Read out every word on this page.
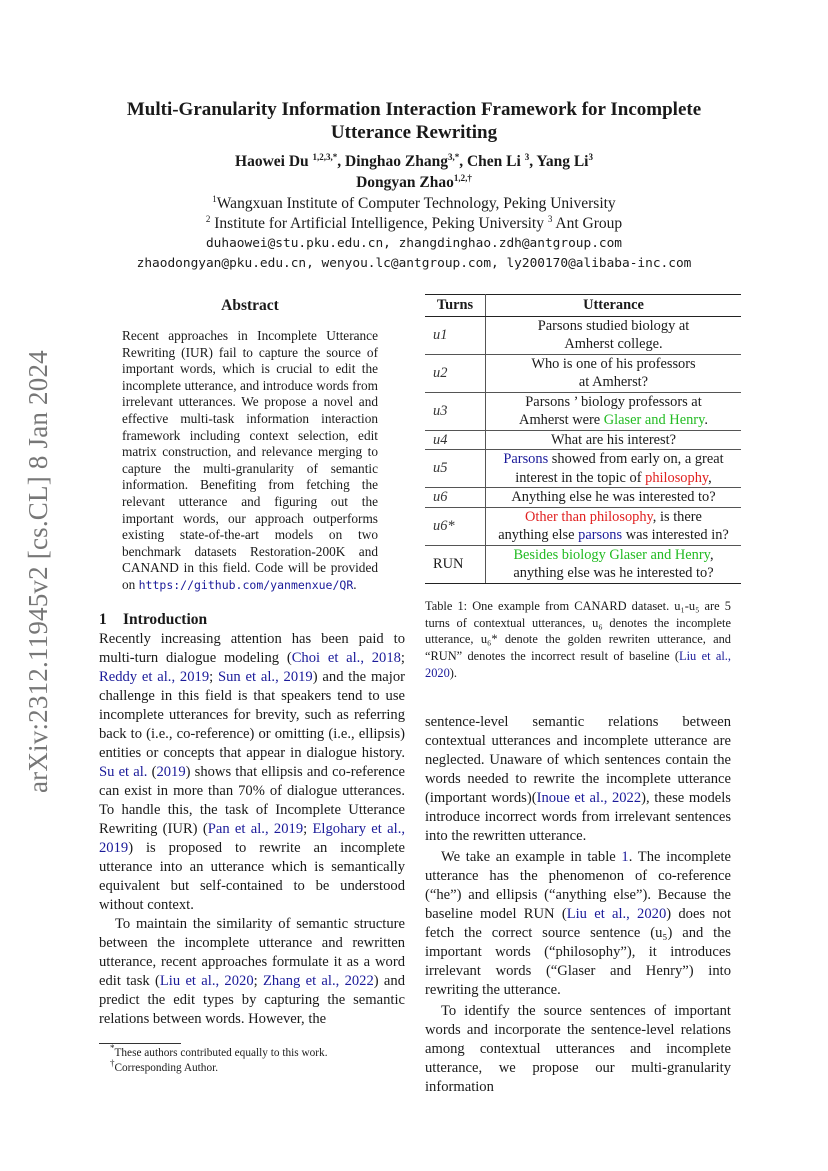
arXiv:2312.11945v2 [cs.CL] 8 Jan 2024
Multi-Granularity Information Interaction Framework for Incomplete
Utterance Rewriting
Haowei Du $^{1,2,3,*}$, Dinghao Zhang$^{3,*}$, Chen Li $^3$, Yang Li$^3$
Dongyan Zhao$^{1,2,\dagger}$
$^1$Wangxuan Institute of Computer Technology, Peking University
$^2$ Institute for Artificial Intelligence, Peking University $^3$ Ant Group
duhaowei@stu.pku.edu.cn, zhangdinghao.zdh@antgroup.com
zhaodongyan@pku.edu.cn, wenyou.lc@antgroup.com, ly200170@alibaba-inc.com
Abstract
Recent approaches in Incomplete Utterance Rewriting (IUR) fail to capture the source of important words, which is crucial to edit the incomplete utterance, and introduce words from irrelevant utterances. We propose a novel and effective multi-task information interaction framework including context selection, edit matrix construction, and relevance merging to capture the multi-granularity of semantic information. Benefiting from fetching the relevant utterance and figuring out the important words, our approach outperforms existing state-of-the-art models on two benchmark datasets Restoration-200K and CANAND in this field. Code will be provided on https://github.com/yanmenxue/QR.
1 Introduction

Recently increasing attention has been paid to multi-turn dialogue modeling (Choi et al., 2018; Reddy et al., 2019; Sun et al., 2019) and the major challenge in this field is that speakers tend to use incomplete utterances for brevity, such as referring back to (i.e., co-reference) or omitting (i.e., ellipsis) entities or concepts that appear in dialogue history. Su et al. (2019) shows that ellipsis and co-reference can exist in more than 70% of dialogue utterances. To handle this, the task of Incomplete Utterance Rewriting (IUR) (Pan et al., 2019; Elgohary et al., 2019) is proposed to rewrite an incomplete utterance into an utterance which is semantically equivalent but self-contained to be understood without context.

To maintain the similarity of semantic structure between the incomplete utterance and rewritten utterance, recent approaches formulate it as a word edit task (Liu et al., 2020; Zhang et al., 2022) and predict the edit types by capturing the semantic relations between words. However, the

*These authors contributed equally to this work.
†Corresponding Author.
Turns	Utterance
u1	Parsons studied biology at
Amherst college.

u2	Who is one of his professors
at Amherst?

u3	Parsons ’ biology professors at
Amherst were Glaser and Henry.

u4	What are his interest?

u5	Parsons showed from early on, a great
interest in the topic of philosophy,

u6	Anything else he was interested to?

u6*	Other than philosophy, is there
anything else parsons was interested in?

RUN	Besides biology Glaser and Henry,
anything else was he interested to?
Table 1: One example from CANARD dataset. u₁-u₅ are 5 turns of contextual utterances, u₆ denotes the incomplete utterance, u₆* denote the golden rewriten utterance, and “RUN” denotes the incorrect result of baseline (Liu et al., 2020).

sentence-level semantic relations between contextual utterances and incomplete utterance are neglected. Unaware of which sentences contain the words needed to rewrite the incomplete utterance (important words)(Inoue et al., 2022), these models introduce incorrect words from irrelevant sentences into the rewritten utterance.

We take an example in table 1. The incomplete utterance has the phenomenon of co-reference (“he”) and ellipsis (“anything else”). Because the baseline model RUN (Liu et al., 2020) does not fetch the correct source sentence (u₅) and the important words (“philosophy”), it introduces irrelevant words (“Glaser and Henry”) into rewriting the utterance.

To identify the source sentences of important words and incorporate the sentence-level relations among contextual utterances and incomplete utterance, we propose our multi-granularity information
